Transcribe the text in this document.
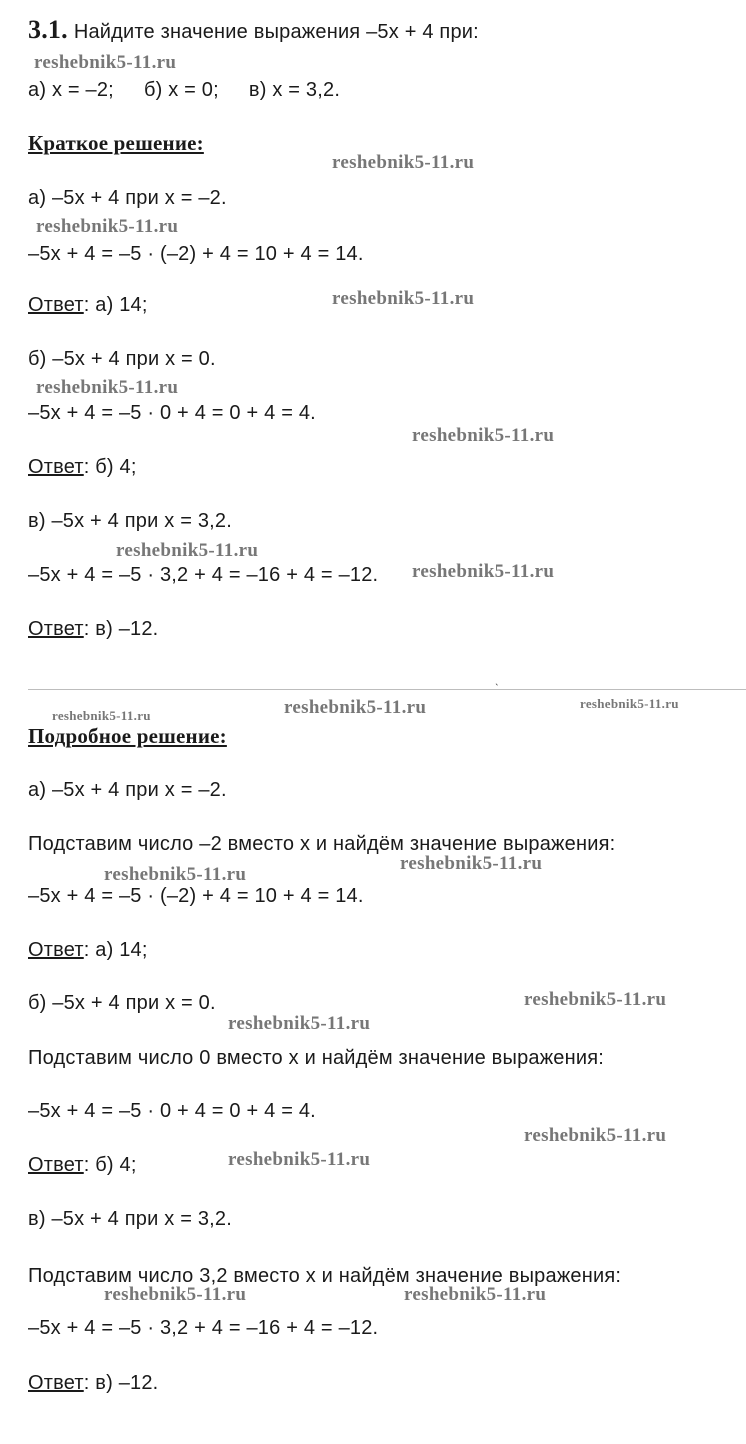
3.1. Найдите значение выражения –5x + 4 при:
а) x = –2; б) x = 0; в) x = 3,2.
Краткое решение:
а) –5x + 4 при x = –2.
–5x + 4 = –5 · (–2) + 4 = 10 + 4 = 14.
Ответ: а) 14;
б) –5x + 4 при x = 0.
–5x + 4 = –5 · 0 + 4 = 0 + 4 = 4.
Ответ: б) 4;
в) –5x + 4 при x = 3,2.
–5x + 4 = –5 · 3,2 + 4 = –16 + 4 = –12.
Ответ: в) –12.
ˎ
Подробное решение:
а) –5x + 4 при x = –2.
Подставим число –2 вместо x и найдём значение выражения:
–5x + 4 = –5 · (–2) + 4 = 10 + 4 = 14.
Ответ: а) 14;
б) –5x + 4 при x = 0.
Подставим число 0 вместо x и найдём значение выражения:
–5x + 4 = –5 · 0 + 4 = 0 + 4 = 4.
Ответ: б) 4;
в) –5x + 4 при x = 3,2.
Подставим число 3,2 вместо x и найдём значение выражения:
–5x + 4 = –5 · 3,2 + 4 = –16 + 4 = –12.
Ответ: в) –12.
reshebnik5-11.ru
reshebnik5-11.ru
reshebnik5-11.ru
reshebnik5-11.ru
reshebnik5-11.ru
reshebnik5-11.ru
reshebnik5-11.ru
reshebnik5-11.ru
reshebnik5-11.ru	reshebnik5-11.ru	reshebnik5-11.ru
reshebnik5-11.ru
reshebnik5-11.ru
reshebnik5-11.ru
reshebnik5-11.ru
reshebnik5-11.ru
reshebnik5-11.ru
reshebnik5-11.ru	reshebnik5-11.ru
